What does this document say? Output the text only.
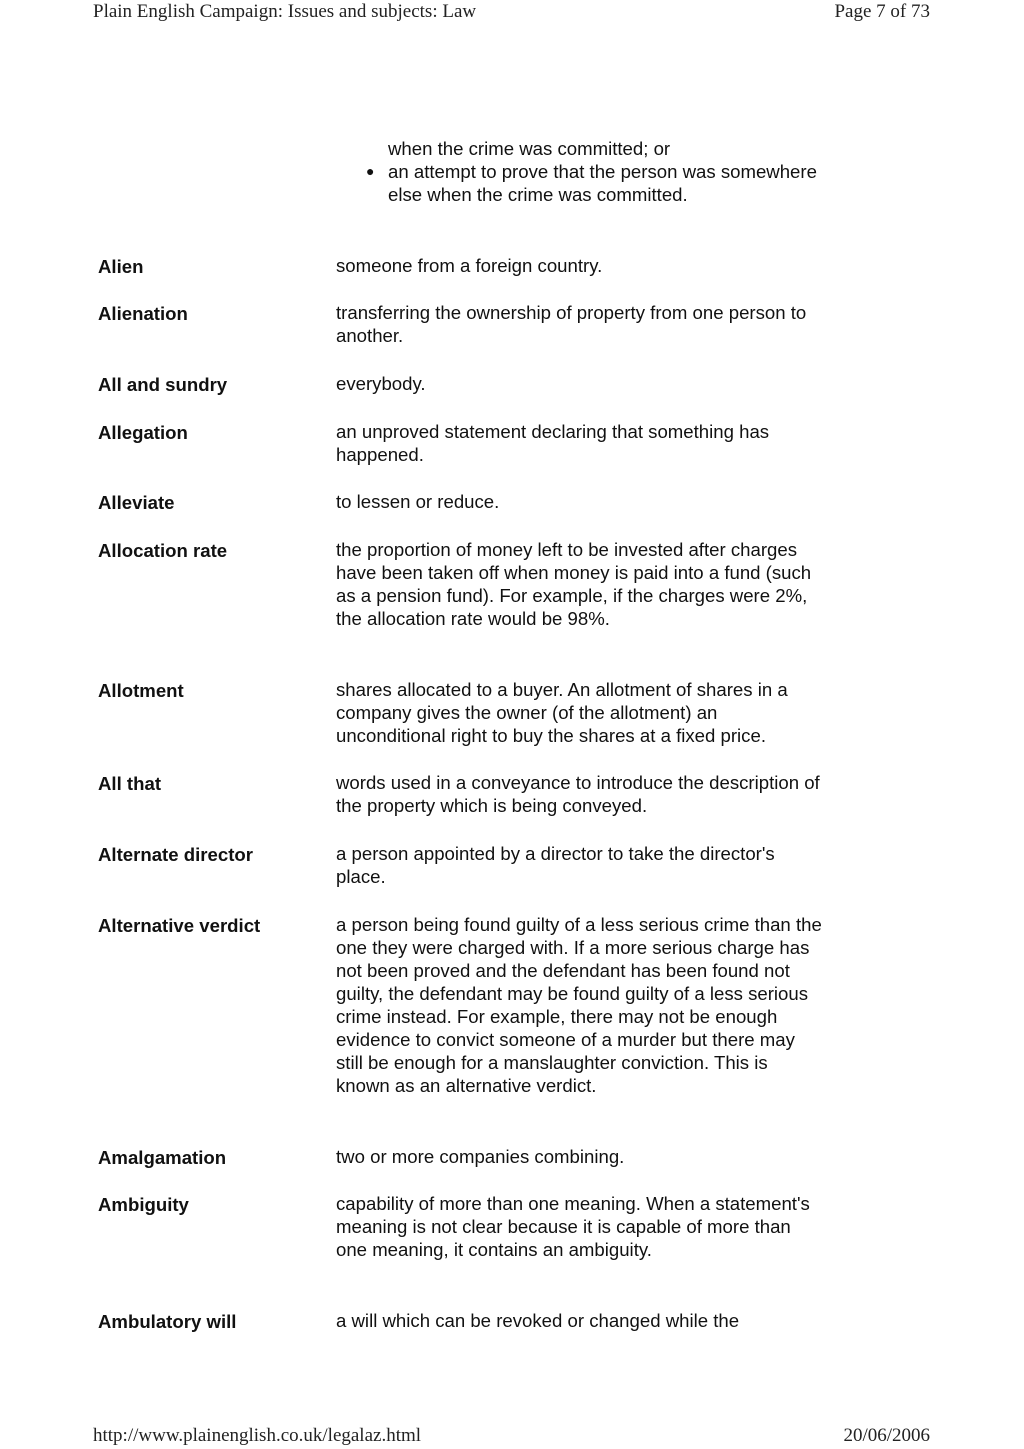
Plain English Campaign: Issues and subjects: Law	Page 7 of 73
when the crime was committed; or
● an attempt to prove that the person was somewhere else when the crime was committed.
Alien	someone from a foreign country.
Alienation	transferring the ownership of property from one person to another.
All and sundry	everybody.
Allegation	an unproved statement declaring that something has happened.
Alleviate	to lessen or reduce.
Allocation rate	the proportion of money left to be invested after charges have been taken off when money is paid into a fund (such as a pension fund). For example, if the charges were 2%, the allocation rate would be 98%.
Allotment	shares allocated to a buyer. An allotment of shares in a company gives the owner (of the allotment) an unconditional right to buy the shares at a fixed price.
All that	words used in a conveyance to introduce the description of the property which is being conveyed.
Alternate director	a person appointed by a director to take the director's place.
Alternative verdict	a person being found guilty of a less serious crime than the one they were charged with. If a more serious charge has not been proved and the defendant has been found not guilty, the defendant may be found guilty of a less serious crime instead. For example, there may not be enough evidence to convict someone of a murder but there may still be enough for a manslaughter conviction. This is known as an alternative verdict.
Amalgamation	two or more companies combining.
Ambiguity	capability of more than one meaning. When a statement's meaning is not clear because it is capable of more than one meaning, it contains an ambiguity.
Ambulatory will	a will which can be revoked or changed while the
http://www.plainenglish.co.uk/legalaz.html	20/06/2006
